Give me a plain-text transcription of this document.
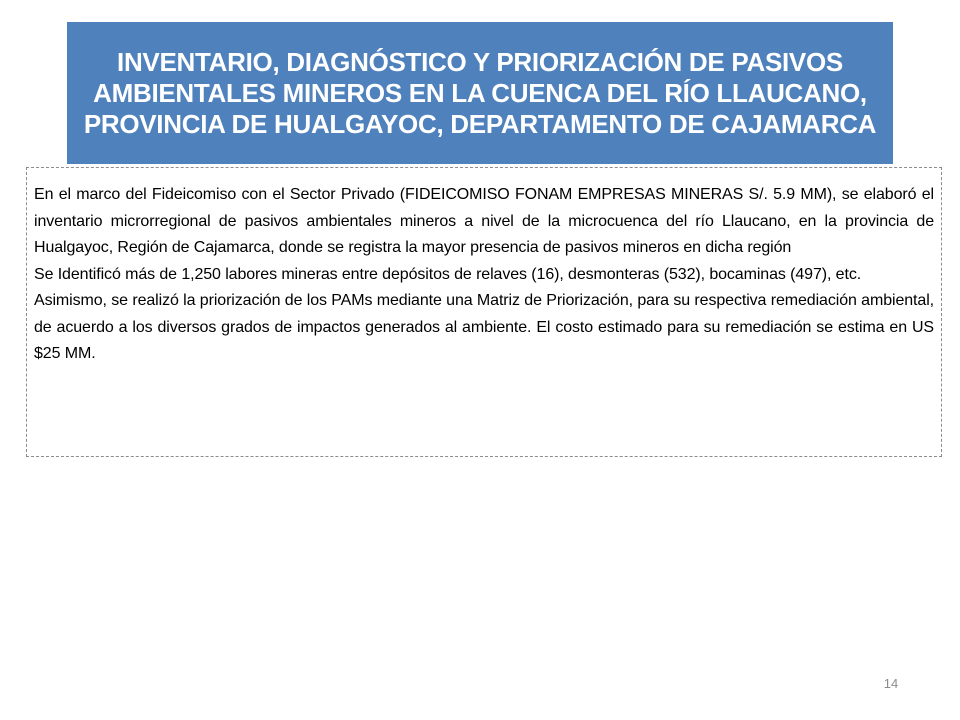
INVENTARIO, DIAGNÓSTICO Y PRIORIZACIÓN DE PASIVOS AMBIENTALES MINEROS EN LA CUENCA DEL RÍO LLAUCANO, PROVINCIA DE HUALGAYOC, DEPARTAMENTO DE CAJAMARCA

En el marco del Fideicomiso con el Sector Privado (FIDEICOMISO FONAM EMPRESAS MINERAS S/. 5.9 MM), se elaboró el inventario microrregional de pasivos ambientales mineros a nivel de la microcuenca del río Llaucano, en la provincia de Hualgayoc, Región de Cajamarca, donde se registra la mayor presencia de pasivos mineros en dicha región

Se Identificó más de 1,250 labores mineras entre depósitos de relaves (16), desmonteras (532), bocaminas (497), etc.

Asimismo, se realizó la priorización de los PAMs mediante una Matriz de Priorización, para su respectiva remediación ambiental, de acuerdo a los diversos grados de impactos generados al ambiente. El costo estimado para su remediación se estima en US $25 MM.

14
